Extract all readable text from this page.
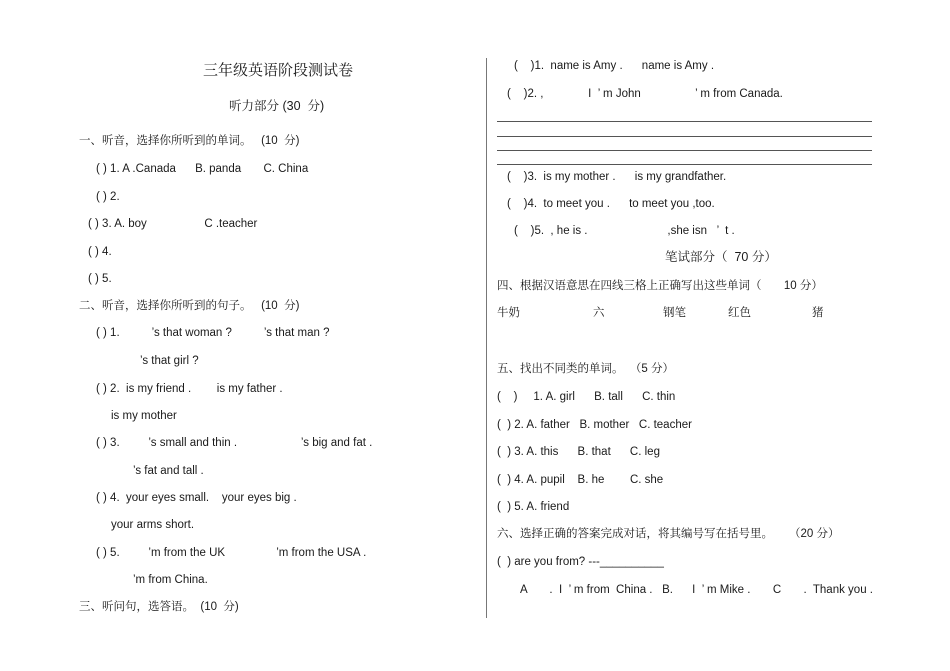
三年级英语阶段测试卷
听力部分 (30  分)
一、听音，选择你所听到的单词。   (10  分)
( ) 1. A .Canada      B. panda       C. China
( ) 2.
( ) 3. A. boy                  C .teacher
( ) 4.
( ) 5.
二、听音，选择你所听到的句子。   (10  分)
( ) 1.          ’s that woman ?          ’s that man ?
’s that girl ?
( ) 2.  is my friend .        is my father .
is my mother
( ) 3.         ’s small and thin .                    ’s big and fat .
’s fat and tall .
( ) 4.  your eyes small.    your eyes big .
your arms short.
( ) 5.         ’m from the UK                ’m from the USA .
’m from China.
三、听问句，选答语。  (10  分)
(    )1.  name is Amy .      name is Amy .
(    )2. ,              I  ’ m John                 ’ m from Canada.
(    )3.  is my mother .      is my grandfather.
(    )4.  to meet you .      to meet you ,too.
(    )5.  , he is .                         ,she isn   ’  t .
笔试部分（  70 分）
四、根据汉语意思在四线三格上正确写出这些单词（       10 分）
牛奶	六	钢笔	红色	猪
五、找出不同类的单词。  （5 分）
(    )     1. A. girl      B. tall      C. thin
(  ) 2. A. father   B. mother   C. teacher
(  ) 3. A. this      B. that      C. leg
(  ) 4. A. pupil    B. he        C. she
(  ) 5. A. friend
六、选择正确的答案完成对话，将其编号写在括号里。     （20 分）
(  ) are you from? ---__________
A       .  I  ’ m from  China .   B.      I  ’ m Mike .       C       .  Thank you .
